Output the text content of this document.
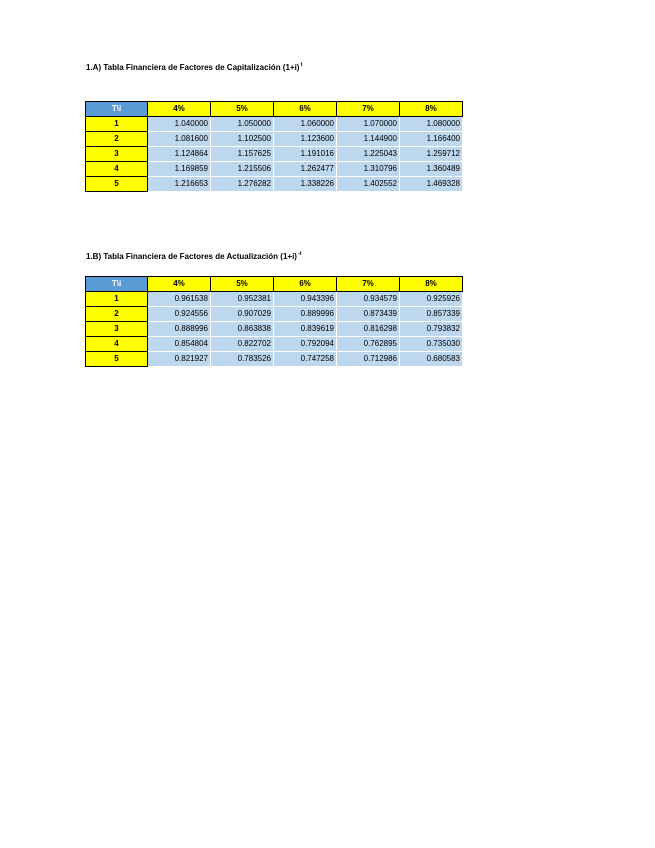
1.A) Tabla Financiera de Factores de Capitalización $(1+i)^t$
T\i	4%	5%	6%	7%	8%
1	1.040000	1.050000	1.060000	1.070000	1.080000
2	1.081600	1.102500	1.123600	1.144900	1.166400
3	1.124864	1.157625	1.191016	1.225043	1.259712
4	1.169859	1.215506	1.262477	1.310796	1.360489
5	1.216653	1.276282	1.338226	1.402552	1.469328
1.B) Tabla Financiera de Factores de Actualización $(1+i)^{-t}$
T\i	4%	5%	6%	7%	8%
1	0.961538	0.952381	0.943396	0.934579	0.925926
2	0.924556	0.907029	0.889996	0.873439	0.857339
3	0.888996	0.863838	0.839619	0.816298	0.793832
4	0.854804	0.822702	0.792094	0.762895	0.735030
5	0.821927	0.783526	0.747258	0.712986	0.680583
